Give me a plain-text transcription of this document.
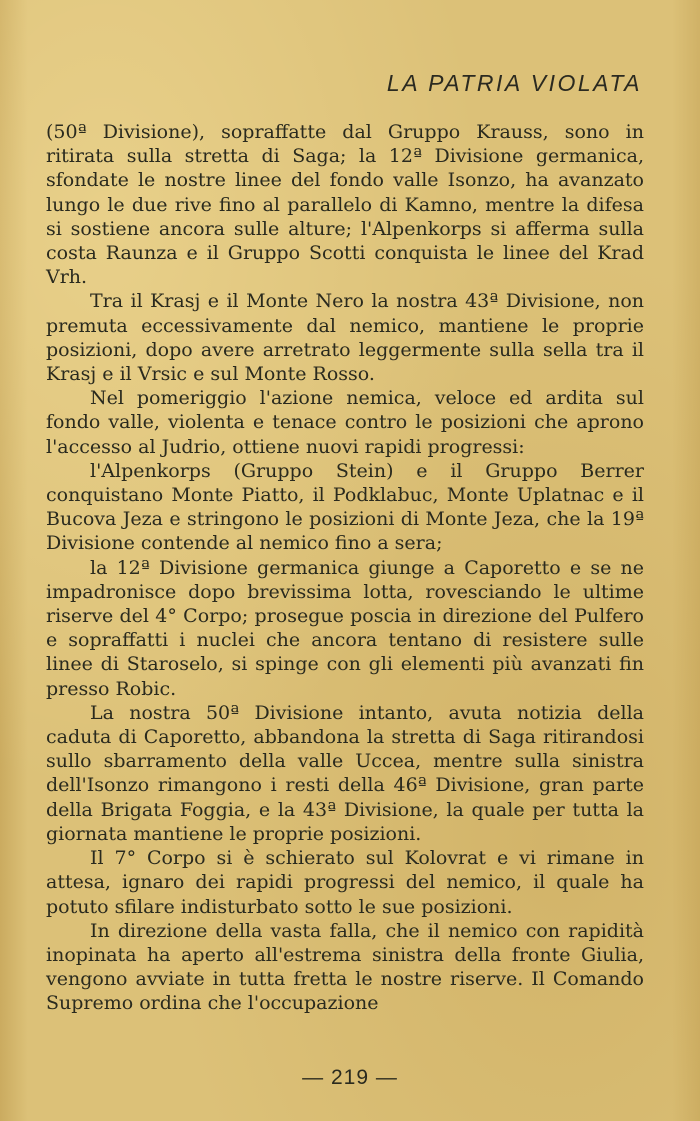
LA PATRIA VIOLATA

(50ª Divisione), sopraffatte dal Gruppo Krauss, sono in ritirata sulla stretta di Saga; la 12ª Divisione germanica, sfondate le nostre linee del fondo valle Isonzo, ha avanzato lungo le due rive fino al parallelo di Kamno, mentre la difesa si sostiene ancora sulle alture; l'Alpenkorps si afferma sulla costa Raunza e il Gruppo Scotti conquista le linee del Krad Vrh.

Tra il Krasj e il Monte Nero la nostra 43ª Divisione, non premuta eccessivamente dal nemico, mantiene le proprie posizioni, dopo avere arretrato leggermente sulla sella tra il Krasj e il Vrsic e sul Monte Rosso.

Nel pomeriggio l'azione nemica, veloce ed ardita sul fondo valle, violenta e tenace contro le posizioni che aprono l'accesso al Judrio, ottiene nuovi rapidi progressi:

l'Alpenkorps (Gruppo Stein) e il Gruppo Berrer conquistano Monte Piatto, il Podklabuc, Monte Uplatnac e il Bucova Jeza e stringono le posizioni di Monte Jeza, che la 19ª Divisione contende al nemico fino a sera;

la 12ª Divisione germanica giunge a Caporetto e se ne impadronisce dopo brevissima lotta, rovesciando le ultime riserve del 4° Corpo; prosegue poscia in direzione del Pulfero e sopraffatti i nuclei che ancora tentano di resistere sulle linee di Staroselo, si spinge con gli elementi più avanzati fin presso Robic.

La nostra 50ª Divisione intanto, avuta notizia della caduta di Caporetto, abbandona la stretta di Saga ritirandosi sullo sbarramento della valle Uccea, mentre sulla sinistra dell'Isonzo rimangono i resti della 46ª Divisione, gran parte della Brigata Foggia, e la 43ª Divisione, la quale per tutta la giornata mantiene le proprie posizioni.

Il 7° Corpo si è schierato sul Kolovrat e vi rimane in attesa, ignaro dei rapidi progressi del nemico, il quale ha potuto sfilare indisturbato sotto le sue posizioni.

In direzione della vasta falla, che il nemico con rapidità inopinata ha aperto all'estrema sinistra della fronte Giulia, vengono avviate in tutta fretta le nostre riserve. Il Comando Supremo ordina che l'occupazione

— 219 —
